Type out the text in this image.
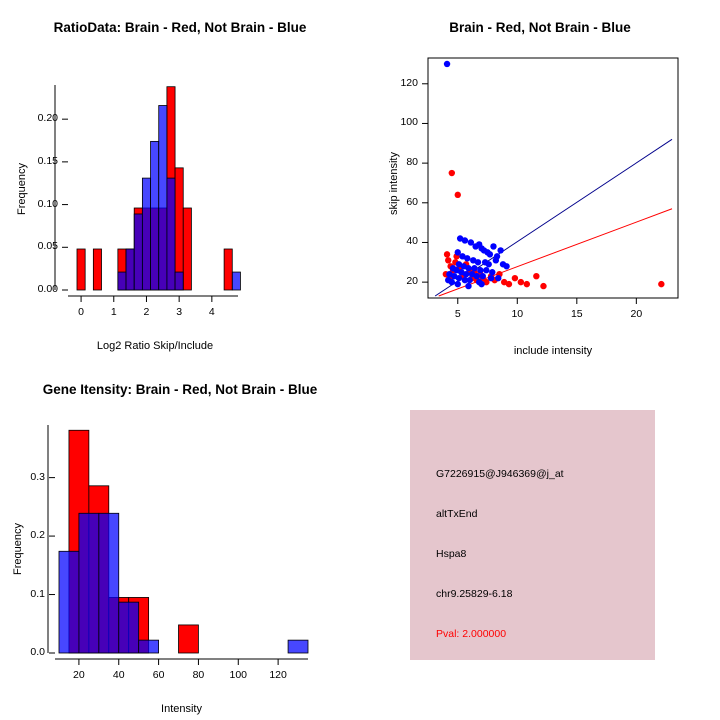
RatioData: Brain - Red, Not Brain - Blue
0.00
0.05
0.10
0.15
0.20
0	1	2	3	4
Frequency
Log2 Ratio Skip/Include
Brain - Red, Not Brain - Blue
20
40
60
80
100
120
5	10	15	20
skip intensity
include intensity
Gene Itensity: Brain - Red, Not Brain - Blue
0.0
0.1
0.2
0.3
20	40	60	80 100 120
Frequency
Intensity
G7226915@J946369@j_at
altTxEnd
Hspa8
chr9.25829-6.18
Pval: 2.000000
